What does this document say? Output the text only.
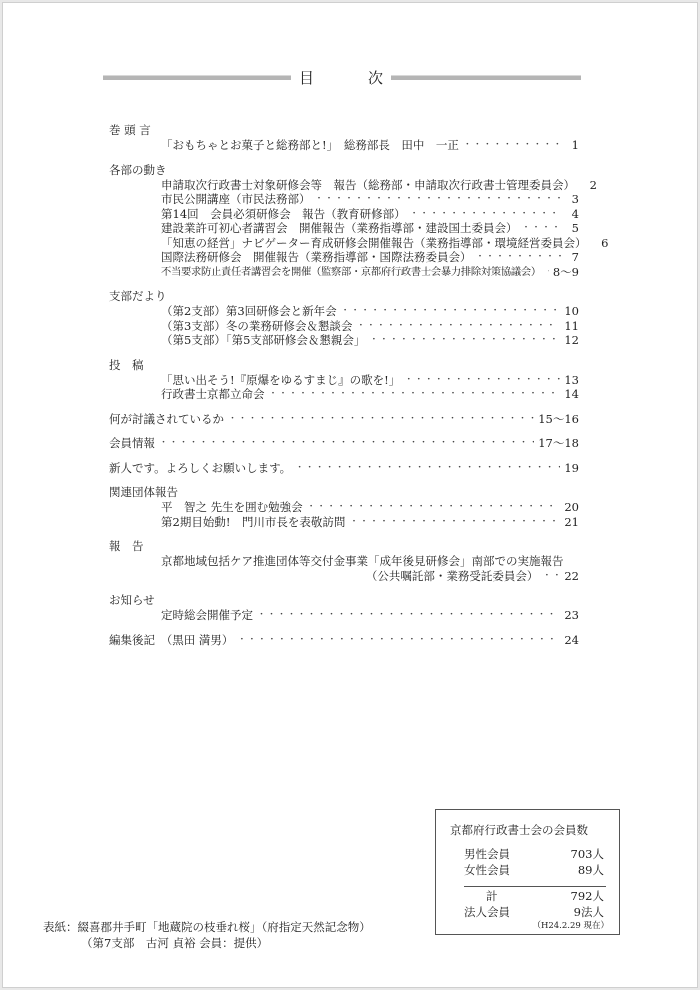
目	次
巻 頭 言
「おもちゃとお菓子と総務部と!」　総務部長　田中　一正 ・・・・・・・・・・・・・・・・・・・・・・・・・・・・・・・・・・・・・・・・・・・・・・・・・・・・・・・・・・・・・・・・・・・・・・・・・・・・・・・・・・・・	1
各部の動き
申請取次行政書士対象研修会等　報告（総務部・申請取次行政書士管理委員会）	2
市民公開講座（市民法務部） ・・・・・・・・・・・・・・・・・・・・・・・・・・・・・・・・・・・・・・・・・・・・・・・・・・・・・・・・・・・・・・・・・・・・・・・・・・・・・・・・・・・・	3
第14回　会員必須研修会　報告（教育研修部） ・・・・・・・・・・・・・・・・・・・・・・・・・・・・・・・・・・・・・・・・・・・・・・・・・・・・・・・・・・・・・・・・・・・・・・・・・・・・・・・・・・・・	4
建設業許可初心者講習会　開催報告（業務指導部・建設国土委員会） ・・・・・・・・・・・・・・・・・・・・・・・・・・・・・・・・・・・・・・・・・・・・・・・・・・・・・・・・・・・・・・・・・・・・・・・・・・・・・・・・・・・・	5
「知恵の経営」ナビゲーター育成研修会開催報告（業務指導部・環境経営委員会）	6
国際法務研修会　開催報告（業務指導部・国際法務委員会） ・・・・・・・・・・・・・・・・・・・・・・・・・・・・・・・・・・・・・・・・・・・・・・・・・・・・・・・・・・・・・・・・・・・・・・・・・・・・・・・・・・・・	7
不当要求防止責任者講習会を開催（監察部・京都府行政書士会暴力排除対策協議会） ・・・・・・・・・・・・・・・・・・・・・・・・・・・・・・・・・・・・・・・・・・・・・・・・・・・・・・・・・・・・・・・・・・・・・・・・・・・・・・・・・・・・ 8〜9
支部だより
（第2支部）第3回研修会と新年会 ・・・・・・・・・・・・・・・・・・・・・・・・・・・・・・・・・・・・・・・・・・・・・・・・・・・・・・・・・・・・・・・・・・・・・・・・・・・・・・・・・・・・	10
（第3支部）冬の業務研修会＆懇談会 ・・・・・・・・・・・・・・・・・・・・・・・・・・・・・・・・・・・・・・・・・・・・・・・・・・・・・・・・・・・・・・・・・・・・・・・・・・・・・・・・・・・・	11
（第5支部）「第5支部研修会＆懇親会」 ・・・・・・・・・・・・・・・・・・・・・・・・・・・・・・・・・・・・・・・・・・・・・・・・・・・・・・・・・・・・・・・・・・・・・・・・・・・・・・・・・・・・	12
投　稿
「思い出そう!『原爆をゆるすまじ』の歌を!」 ・・・・・・・・・・・・・・・・・・・・・・・・・・・・・・・・・・・・・・・・・・・・・・・・・・・・・・・・・・・・・・・・・・・・・・・・・・・・・・・・・・・・	13
行政書士京都立命会 ・・・・・・・・・・・・・・・・・・・・・・・・・・・・・・・・・・・・・・・・・・・・・・・・・・・・・・・・・・・・・・・・・・・・・・・・・・・・・・・・・・・・	14
何が討議されているか ・・・・・・・・・・・・・・・・・・・・・・・・・・・・・・・・・・・・・・・・・・・・・・・・・・・・・・・・・・・・・・・・・・・・・・・・・・・・・・・・・・・・	15〜16
会員情報 ・・・・・・・・・・・・・・・・・・・・・・・・・・・・・・・・・・・・・・・・・・・・・・・・・・・・・・・・・・・・・・・・・・・・・・・・・・・・・・・・・・・・	17〜18
新人です。よろしくお願いします。 ・・・・・・・・・・・・・・・・・・・・・・・・・・・・・・・・・・・・・・・・・・・・・・・・・・・・・・・・・・・・・・・・・・・・・・・・・・・・・・・・・・・・	19
関連団体報告
平　智之 先生を囲む勉強会 ・・・・・・・・・・・・・・・・・・・・・・・・・・・・・・・・・・・・・・・・・・・・・・・・・・・・・・・・・・・・・・・・・・・・・・・・・・・・・・・・・・・・	20
第2期目始動!　門川市長を表敬訪問 ・・・・・・・・・・・・・・・・・・・・・・・・・・・・・・・・・・・・・・・・・・・・・・・・・・・・・・・・・・・・・・・・・・・・・・・・・・・・・・・・・・・・	21
報　告
京都地域包括ケア推進団体等交付金事業「成年後見研修会」南部での実施報告
（公共嘱託部・業務受託委員会） ・・・・・・・・・・・・・・・・・・・・・・・・・・・・・・・・・・・・・・・・・・・・・・・・・・・・・・・・・・・・・・・・・・・・・・・・・・・・・・・・・・・・ 22
お知らせ
定時総会開催予定 ・・・・・・・・・・・・・・・・・・・・・・・・・・・・・・・・・・・・・・・・・・・・・・・・・・・・・・・・・・・・・・・・・・・・・・・・・・・・・・・・・・・・	23
編集後記　（黒田 満男） ・・・・・・・・・・・・・・・・・・・・・・・・・・・・・・・・・・・・・・・・・・・・・・・・・・・・・・・・・・・・・・・・・・・・・・・・・・・・・・・・・・・・	24
京都府行政書士会の会員数
男性会員	703人
女性会員	89人
計	792人
法人会員	9法人
（H24.2.29 現在）
表紙：綴喜郡井手町「地蔵院の枝垂れ桜」（府指定天然記念物）
（第7支部　古河 貞裕 会員：提供）
